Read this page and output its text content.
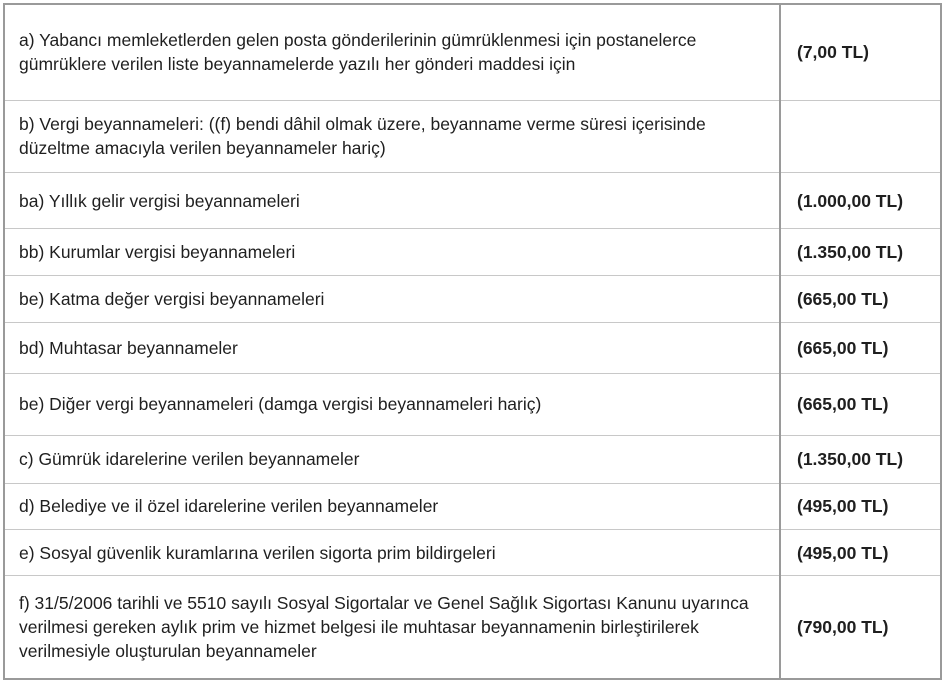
a) Yabancı memleketlerden gelen posta gönderilerinin gümrüklenmesi için postanelerce gümrüklere verilen liste beyannamelerde yazılı her gönderi maddesi için	(7,00 TL)
b) Vergi beyannameleri: ((f) bendi dâhil olmak üzere, beyanname verme süresi içerisinde düzeltme amacıyla verilen beyannameler hariç)	
ba) Yıllık gelir vergisi beyannameleri	(1.000,00 TL)
bb) Kurumlar vergisi beyannameleri	(1.350,00 TL)
be) Katma değer vergisi beyannameleri	(665,00 TL)
bd) Muhtasar beyannameler	(665,00 TL)
be) Diğer vergi beyannameleri (damga vergisi beyannameleri hariç)	(665,00 TL)
c) Gümrük idarelerine verilen beyannameler	(1.350,00 TL)
d) Belediye ve il özel idarelerine verilen beyannameler	(495,00 TL)
e) Sosyal güvenlik kuramlarına verilen sigorta prim bildirgeleri	(495,00 TL)
f) 31/5/2006 tarihli ve 5510 sayılı Sosyal Sigortalar ve Genel Sağlık Sigortası Kanunu uyarınca verilmesi gereken aylık prim ve hizmet belgesi ile muhtasar beyannamenin birleştirilerek verilmesiyle oluşturulan beyannameler	(790,00 TL)
